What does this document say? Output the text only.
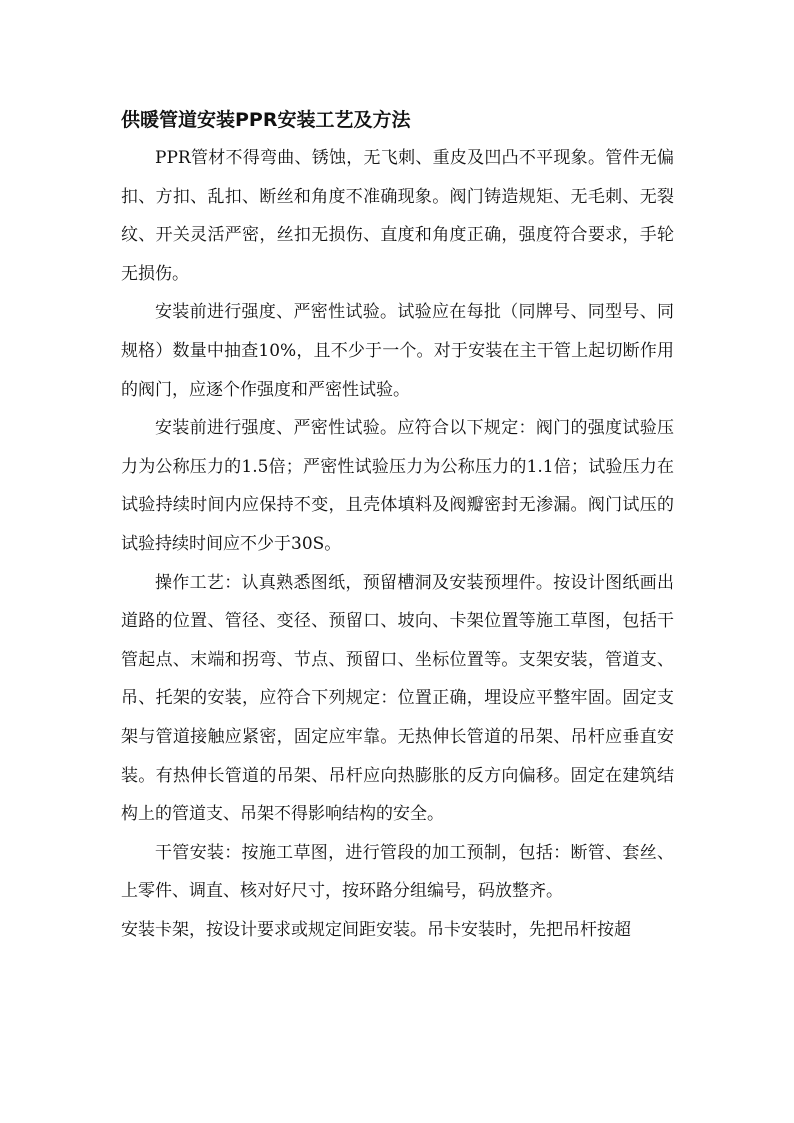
供暖管道安装PPR安装工艺及方法

PPR管材不得弯曲、锈蚀，无飞刺、重皮及凹凸不平现象。管件无偏扣、方扣、乱扣、断丝和角度不准确现象。阀门铸造规矩、无毛刺、无裂纹、开关灵活严密，丝扣无损伤、直度和角度正确，强度符合要求，手轮无损伤。

安装前进行强度、严密性试验。试验应在每批（同牌号、同型号、同规格）数量中抽查10%，且不少于一个。对于安装在主干管上起切断作用的阀门，应逐个作强度和严密性试验。

安装前进行强度、严密性试验。应符合以下规定：阀门的强度试验压力为公称压力的1.5倍；严密性试验压力为公称压力的1.1倍；试验压力在试验持续时间内应保持不变，且壳体填料及阀瓣密封无渗漏。阀门试压的试验持续时间应不少于30S。

操作工艺：认真熟悉图纸，预留槽洞及安装预埋件。按设计图纸画出道路的位置、管径、变径、预留口、坡向、卡架位置等施工草图，包括干管起点、末端和拐弯、节点、预留口、坐标位置等。支架安装，管道支、吊、托架的安装，应符合下列规定：位置正确，埋设应平整牢固。固定支架与管道接触应紧密，固定应牢靠。无热伸长管道的吊架、吊杆应垂直安装。有热伸长管道的吊架、吊杆应向热膨胀的反方向偏移。固定在建筑结构上的管道支、吊架不得影响结构的安全。

干管安装：按施工草图，进行管段的加工预制，包括：断管、套丝、上零件、调直、核对好尺寸，按环路分组编号，码放整齐。

安装卡架，按设计要求或规定间距安装。吊卡安装时，先把吊杆按超
